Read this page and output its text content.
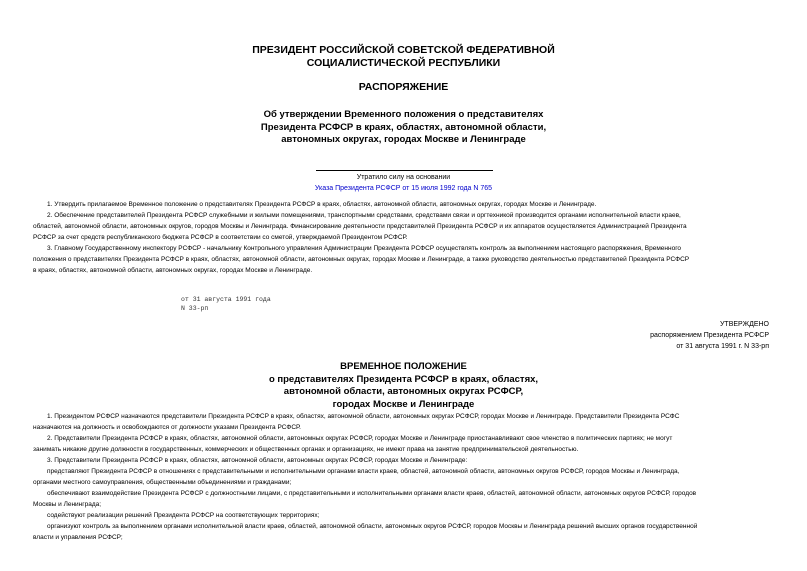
ПРЕЗИДЕНТ РОССИЙСКОЙ СОВЕТСКОЙ ФЕДЕРАТИВНОЙ
СОЦИАЛИСТИЧЕСКОЙ РЕСПУБЛИКИ
РАСПОРЯЖЕНИЕ
Об утверждении Временного положения о представителях
Президента РСФСР в краях, областях, автономной области,
автономных округах, городах Москве и Ленинграде
Утратило силу на основании
Указа Президента РСФСР от 15 июля 1992 года N 765
1. Утвердить прилагаемое Временное положение о представителях Президента РСФСР в краях, областях, автономной области, автономных округах, городах Москве и Ленинграде.
2. Обеспечение представителей Президента РСФСР служебными и жилыми помещениями, транспортными средствами, средствами связи и оргтехникой производится органами исполнительной власти краев,
областей, автономной области, автономных округов, городов Москвы и Ленинграда. Финансирование деятельности представителей Президента РСФСР и их аппаратов осуществляется Администрацией Президента
РСФСР за счет средств республиканского бюджета РСФСР в соответствии со сметой, утверждаемой Президентом РСФСР.
3. Главному Государственному инспектору РСФСР - начальнику Контрольного управления Администрации Президента РСФСР осуществлять контроль за выполнением настоящего распоряжения, Временного
положения о представителях Президента РСФСР в краях, областях, автономной области, автономных округах, городах Москве и Ленинграде, а также руководство деятельностью представителей Президента РСФСР
в краях, областях, автономной области, автономных округах, городах Москве и Ленинграде.
от 31 августа 1991 года
N 33-рп
УТВЕРЖДЕНО
распоряжением Президента РСФСР
от 31 августа 1991 г. N 33-рп
ВРЕМЕННОЕ ПОЛОЖЕНИЕ
о представителях Президента РСФСР в краях, областях,
автономной области, автономных округах РСФСР,
городах Москве и Ленинграде
1. Президентом РСФСР назначаются представители Президента РСФСР в краях, областях, автономной области, автономных округах РСФСР, городах Москве и Ленинграде. Представители Президента РСФС
назначаются на должность и освобождаются от должности указами Президента РСФСР.
2. Представители Президента РСФСР в краях, областях, автономной области, автономных округах РСФСР, городах Москве и Ленинграде приостанавливают свое членство в политических партиях; не могут
занимать никакие другие должности в государственных, коммерческих и общественных органах и организациях, не имеют права на занятие предпринимательской деятельностью.
3. Представители Президента РСФСР в краях, областях, автономной области, автономных округах РСФСР, городах Москве и Ленинграде:
представляют Президента РСФСР в отношениях с представительными и исполнительными органами власти краев, областей, автономной области, автономных округов РСФСР, городов Москвы и Ленинграда,
органами местного самоуправления, общественными объединениями и гражданами;
обеспечивают взаимодействие Президента РСФСР с должностными лицами, с представительными и исполнительными органами власти краев, областей, автономной области, автономных округов РСФСР, городов
Москвы и Ленинграда;
содействуют реализации решений Президента РСФСР на соответствующих территориях;
организуют контроль за выполнением органами исполнительной власти краев, областей, автономной области, автономных округов РСФСР, городов Москвы и Ленинграда решений высших органов государственной
власти и управления РСФСР;
